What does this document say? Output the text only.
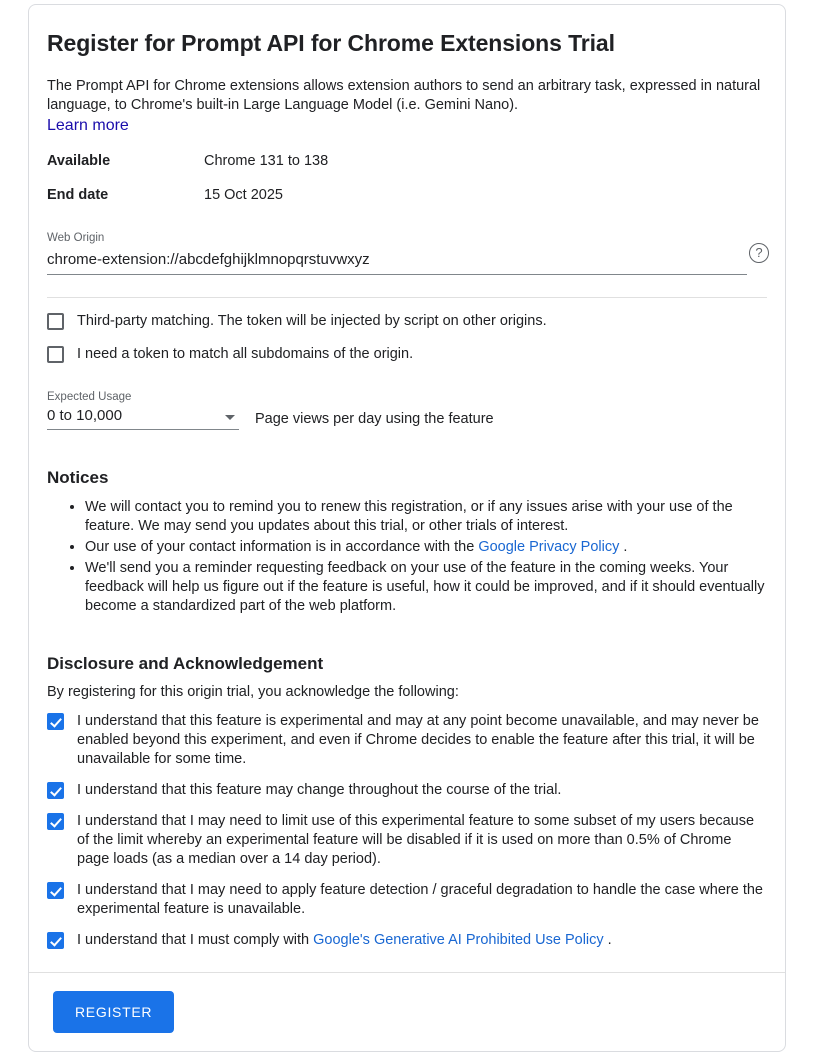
Register for Prompt API for Chrome Extensions Trial

The Prompt API for Chrome extensions allows extension authors to send an arbitrary task, expressed in natural language, to Chrome's built-in Large Language Model (i.e. Gemini Nano).

Learn more
Available	Chrome 131 to 138
End date	15 Oct 2025
Web Origin
chrome-extension://abcdefghijklmnopqrstuvwxyz
?
Third-party matching. The token will be injected by script on other origins.
I need a token to match all subdomains of the origin.
Expected Usage
0 to 10,000	Page views per day using the feature
Notices
• We will contact you to remind you to renew this registration, or if any issues arise with your use of the feature. We may send you updates about this trial, or other trials of interest.
• Our use of your contact information is in accordance with the Google Privacy Policy .
• We'll send you a reminder requesting feedback on your use of the feature in the coming weeks. Your feedback will help us figure out if the feature is useful, how it could be improved, and if it should eventually become a standardized part of the web platform.
Disclosure and Acknowledgement

By registering for this origin trial, you acknowledge the following:

I understand that this feature is experimental and may at any point become unavailable, and may never be enabled beyond this experiment, and even if Chrome decides to enable the feature after this trial, it will be unavailable for some time.
I understand that this feature may change throughout the course of the trial.
I understand that I may need to limit use of this experimental feature to some subset of my users because of the limit whereby an experimental feature will be disabled if it is used on more than 0.5% of Chrome page loads (as a median over a 14 day period).
I understand that I may need to apply feature detection / graceful degradation to handle the case where the experimental feature is unavailable.
I understand that I must comply with Google's Generative AI Prohibited Use Policy .
REGISTER
